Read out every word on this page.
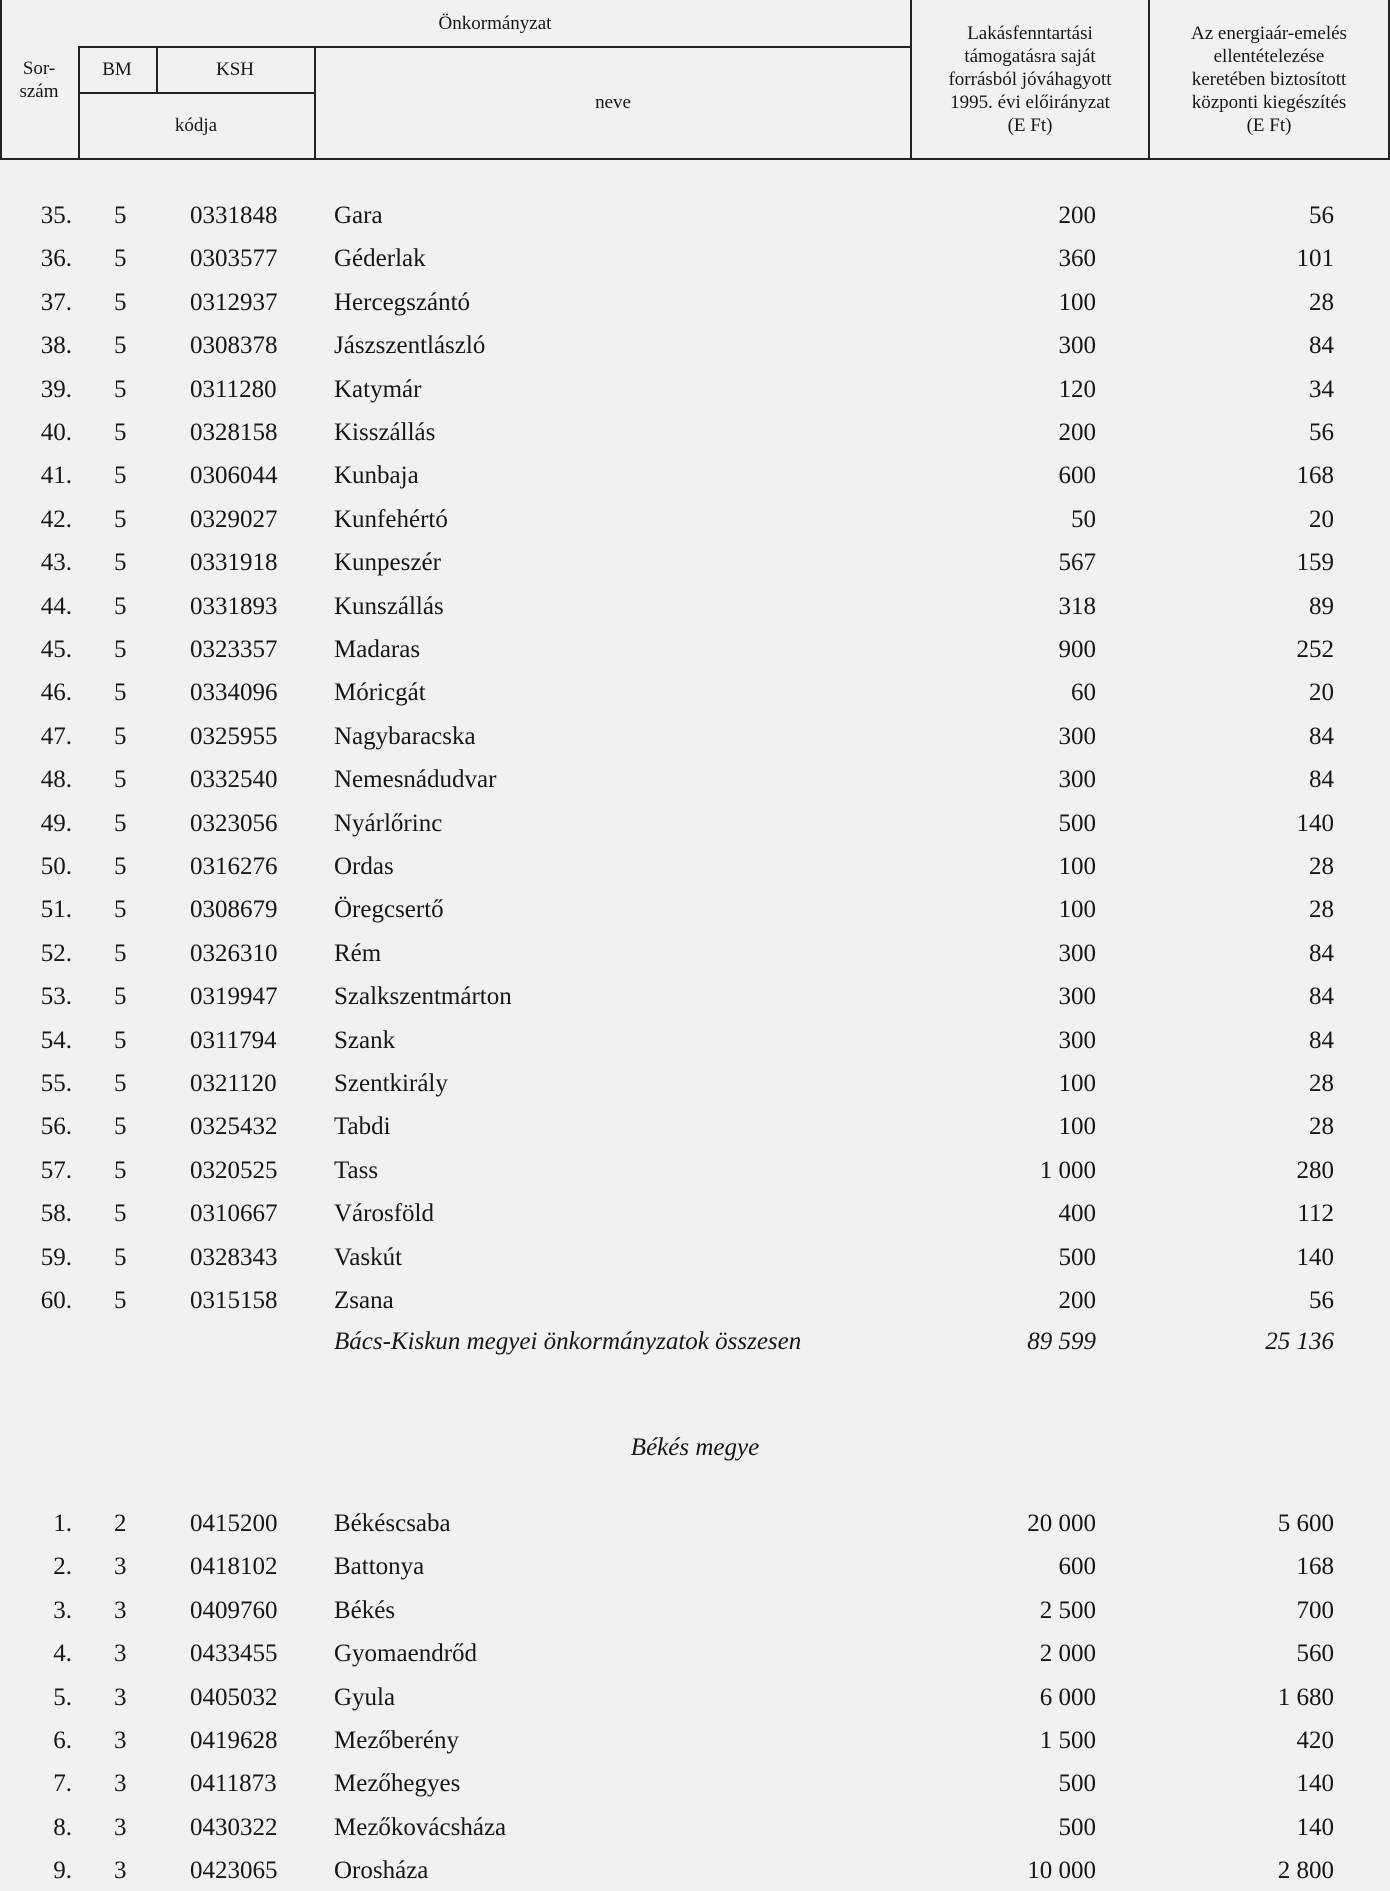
Sor-
szám
Önkormányzat
BM	KSH
kódja
neve
Lakásfenntartási
támogatásra saját
forrásból jóváhagyott
1995. évi előirányzat
(E Ft)
Az energiaár-emelés
ellentételezése
keretében biztosított
központi kiegészítés
(E Ft)
35. 5	0331848 Gara	200	56
36. 5	0303577 Géderlak	360	101
37. 5	0312937 Hercegszántó	100	28
38. 5	0308378 Jászszentlászló	300	84
39. 5	0311280 Katymár	120	34
40. 5	0328158 Kisszállás	200	56
41. 5	0306044 Kunbaja	600	168
42. 5	0329027 Kunfehértó	50	20
43. 5	0331918 Kunpeszér	567	159
44. 5	0331893 Kunszállás	318	89
45. 5	0323357 Madaras	900	252
46. 5	0334096 Móricgát	60	20
47. 5	0325955 Nagybaracska	300	84
48. 5	0332540 Nemesnádudvar	300	84
49. 5	0323056 Nyárlőrinc	500	140
50. 5	0316276 Ordas	100	28
51. 5	0308679 Öregcsertő	100	28
52. 5	0326310 Rém	300	84
53. 5	0319947 Szalkszentmárton	300	84
54. 5	0311794 Szank	300	84
55. 5	0321120 Szentkirály	100	28
56. 5	0325432 Tabdi	100	28
57. 5	0320525 Tass	1 000	280
58. 5	0310667 Városföld	400	112
59. 5	0328343 Vaskút	500	140
60. 5	0315158 Zsana	200	56
Bács-Kiskun megyei önkormányzatok összesen	89 599	25 136
Békés megye
1. 2	0415200 Békéscsaba	20 000	5 600
2. 3	0418102 Battonya	600	168
3. 3	0409760 Békés	2 500	700
4. 3	0433455 Gyomaendrőd	2 000	560
5. 3	0405032 Gyula	6 000	1 680
6. 3	0419628 Mezőberény	1 500	420
7. 3	0411873 Mezőhegyes	500	140
8. 3	0430322 Mezőkovácsháza	500	140
9. 3	0423065 Orosháza	10 000	2 800
